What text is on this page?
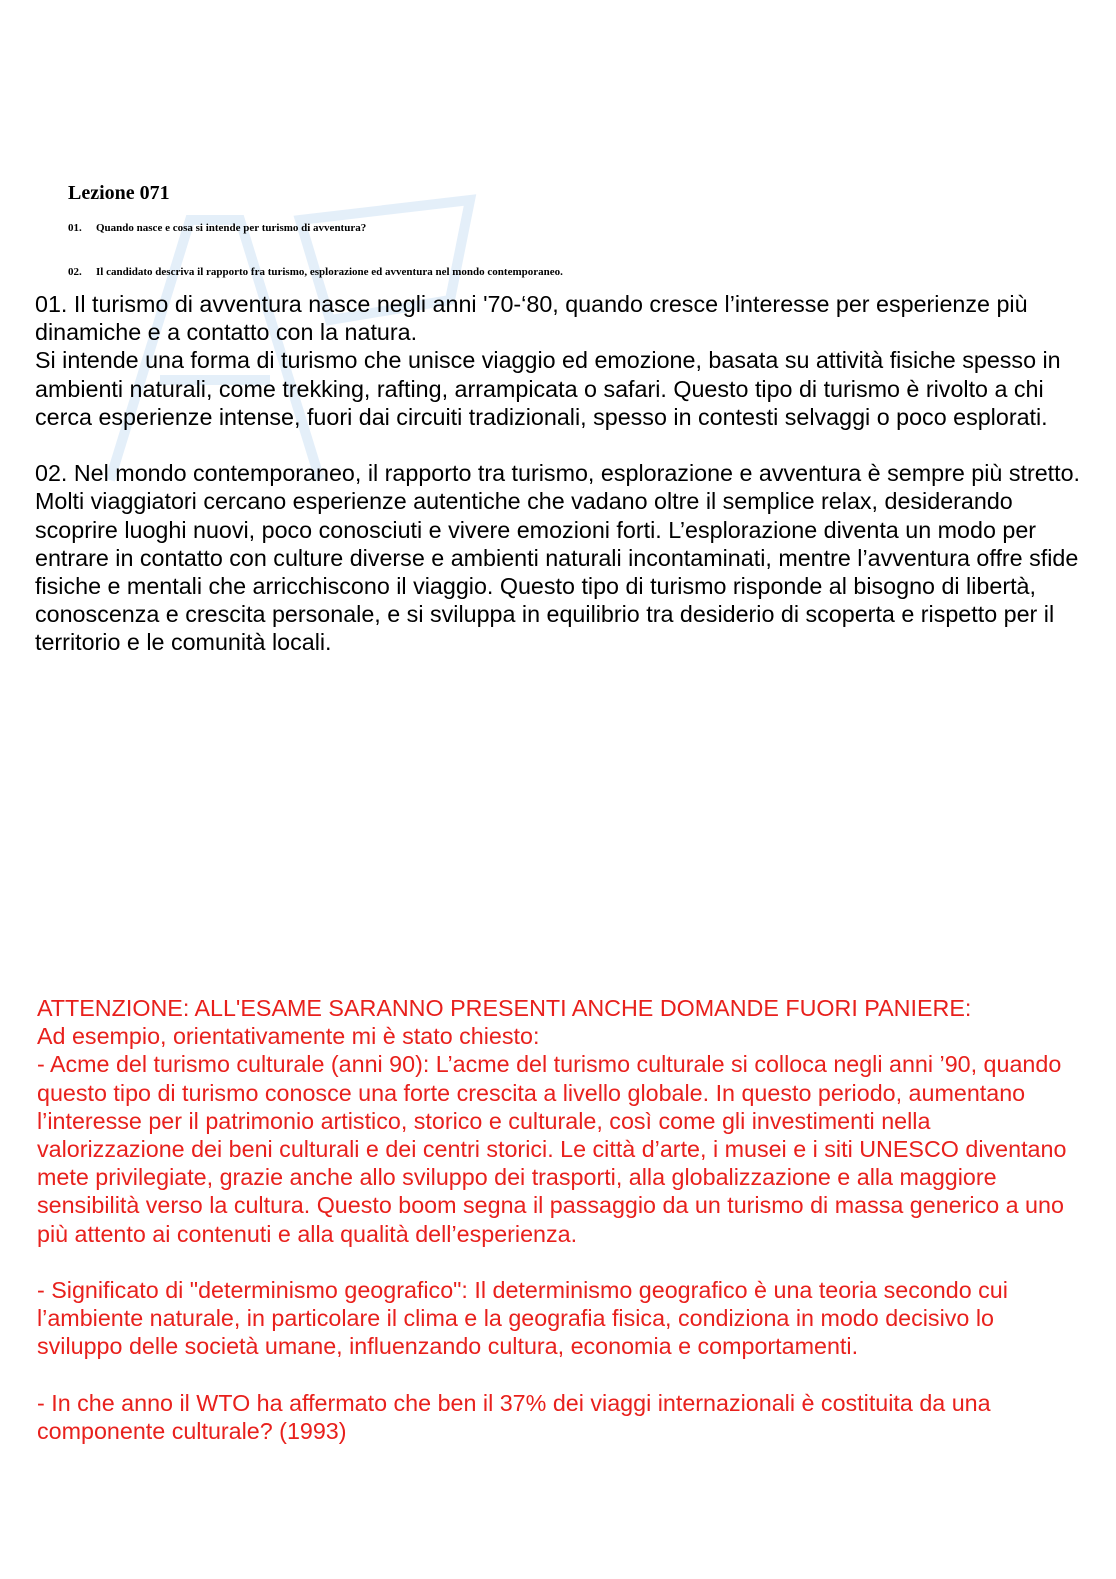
Lezione 071
01. Quando nasce e cosa si intende per turismo di avventura?
02. Il candidato descriva il rapporto fra turismo, esplorazione ed avventura nel mondo contemporaneo.

01. Il turismo di avventura nasce negli anni '70-‘80, quando cresce l’interesse per esperienze più dinamiche e a contatto con la natura.

Si intende una forma di turismo che unisce viaggio ed emozione, basata su attività fisiche spesso in ambienti naturali, come trekking, rafting, arrampicata o safari. Questo tipo di turismo è rivolto a chi cerca esperienze intense, fuori dai circuiti tradizionali, spesso in contesti selvaggi o poco esplorati.

02. Nel mondo contemporaneo, il rapporto tra turismo, esplorazione e avventura è sempre più stretto. Molti viaggiatori cercano esperienze autentiche che vadano oltre il semplice relax, desiderando scoprire luoghi nuovi, poco conosciuti e vivere emozioni forti. L’esplorazione diventa un modo per entrare in contatto con culture diverse e ambienti naturali incontaminati, mentre l’avventura offre sfide fisiche e mentali che arricchiscono il viaggio. Questo tipo di turismo risponde al bisogno di libertà, conoscenza e crescita personale, e si sviluppa in equilibrio tra desiderio di scoperta e rispetto per il territorio e le comunità locali.

ATTENZIONE: ALL'ESAME SARANNO PRESENTI ANCHE DOMANDE FUORI PANIERE:

Ad esempio, orientativamente mi è stato chiesto:

- Acme del turismo culturale (anni 90): L’acme del turismo culturale si colloca negli anni ’90, quando questo tipo di turismo conosce una forte crescita a livello globale. In questo periodo, aumentano l’interesse per il patrimonio artistico, storico e culturale, così come gli investimenti nella valorizzazione dei beni culturali e dei centri storici. Le città d’arte, i musei e i siti UNESCO diventano mete privilegiate, grazie anche allo sviluppo dei trasporti, alla globalizzazione e alla maggiore sensibilità verso la cultura. Questo boom segna il passaggio da un turismo di massa generico a uno più attento ai contenuti e alla qualità dell’esperienza.

- Significato di "determinismo geografico": Il determinismo geografico è una teoria secondo cui l’ambiente naturale, in particolare il clima e la geografia fisica, condiziona in modo decisivo lo sviluppo delle società umane, influenzando cultura, economia e comportamenti.

- In che anno il WTO ha affermato che ben il 37% dei viaggi internazionali è costituita da una componente culturale? (1993)
